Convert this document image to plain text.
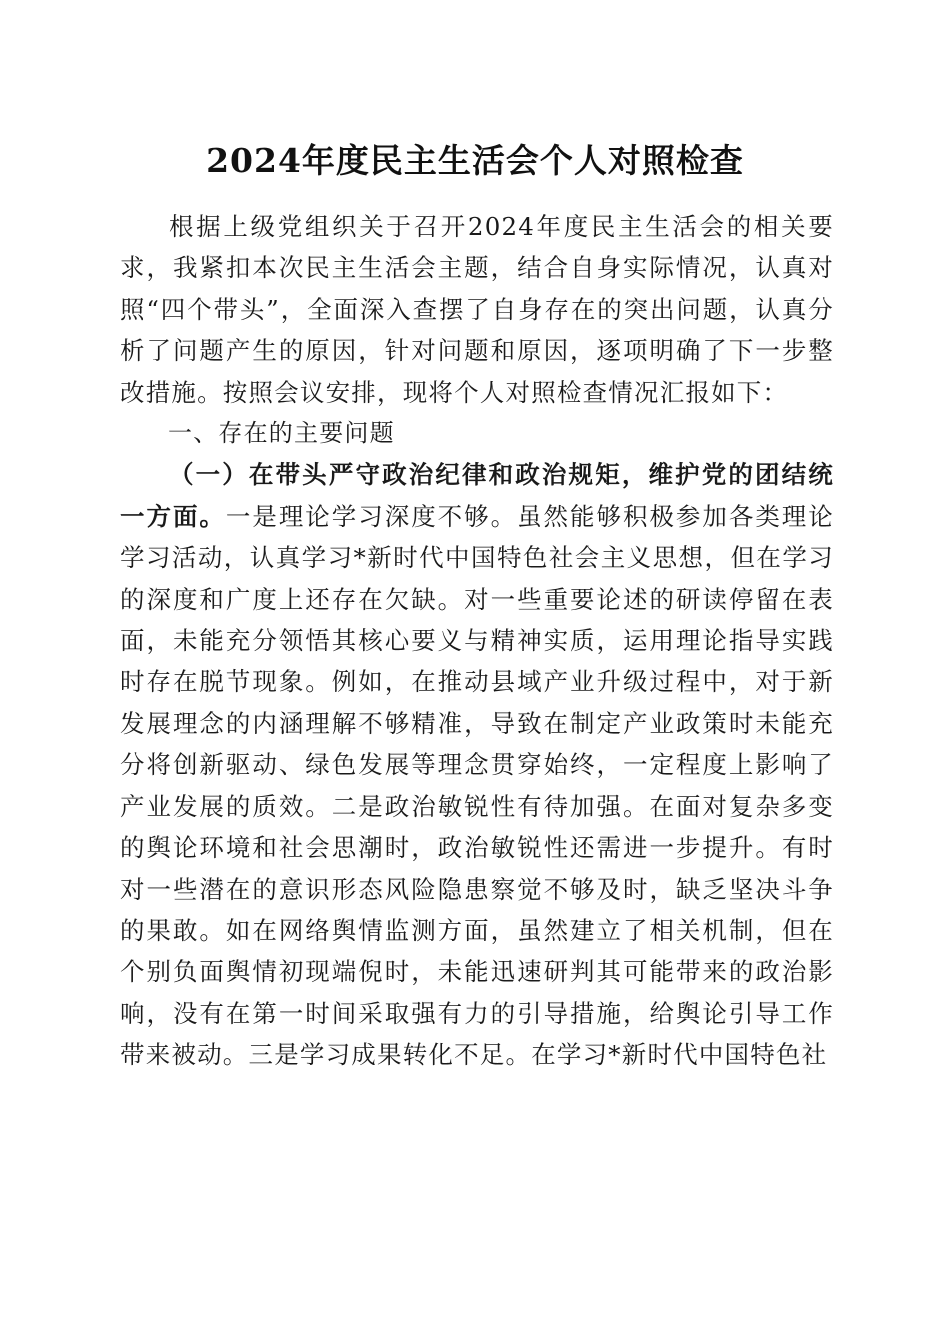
2024年度民主生活会个人对照检查

根据上级党组织关于召开2024年度民主生活会的相关要求，我紧扣本次民主生活会主题，结合自身实际情况，认真对照“四个带头”，全面深入查摆了自身存在的突出问题，认真分析了问题产生的原因，针对问题和原因，逐项明确了下一步整改措施。按照会议安排，现将个人对照检查情况汇报如下：

一、存在的主要问题

（一）在带头严守政治纪律和政治规矩，维护党的团结统一方面。一是理论学习深度不够。虽然能够积极参加各类理论学习活动，认真学习*新时代中国特色社会主义思想，但在学习的深度和广度上还存在欠缺。对一些重要论述的研读停留在表面，未能充分领悟其核心要义与精神实质，运用理论指导实践时存在脱节现象。例如，在推动县域产业升级过程中，对于新发展理念的内涵理解不够精准，导致在制定产业政策时未能充分将创新驱动、绿色发展等理念贯穿始终，一定程度上影响了产业发展的质效。二是政治敏锐性有待加强。在面对复杂多变的舆论环境和社会思潮时，政治敏锐性还需进一步提升。有时对一些潜在的意识形态风险隐患察觉不够及时，缺乏坚决斗争的果敢。如在网络舆情监测方面，虽然建立了相关机制，但在个别负面舆情初现端倪时，未能迅速研判其可能带来的政治影响，没有在第一时间采取强有力的引导措施，给舆论引导工作带来被动。三是学习成果转化不足。在学习*新时代中国特色社
